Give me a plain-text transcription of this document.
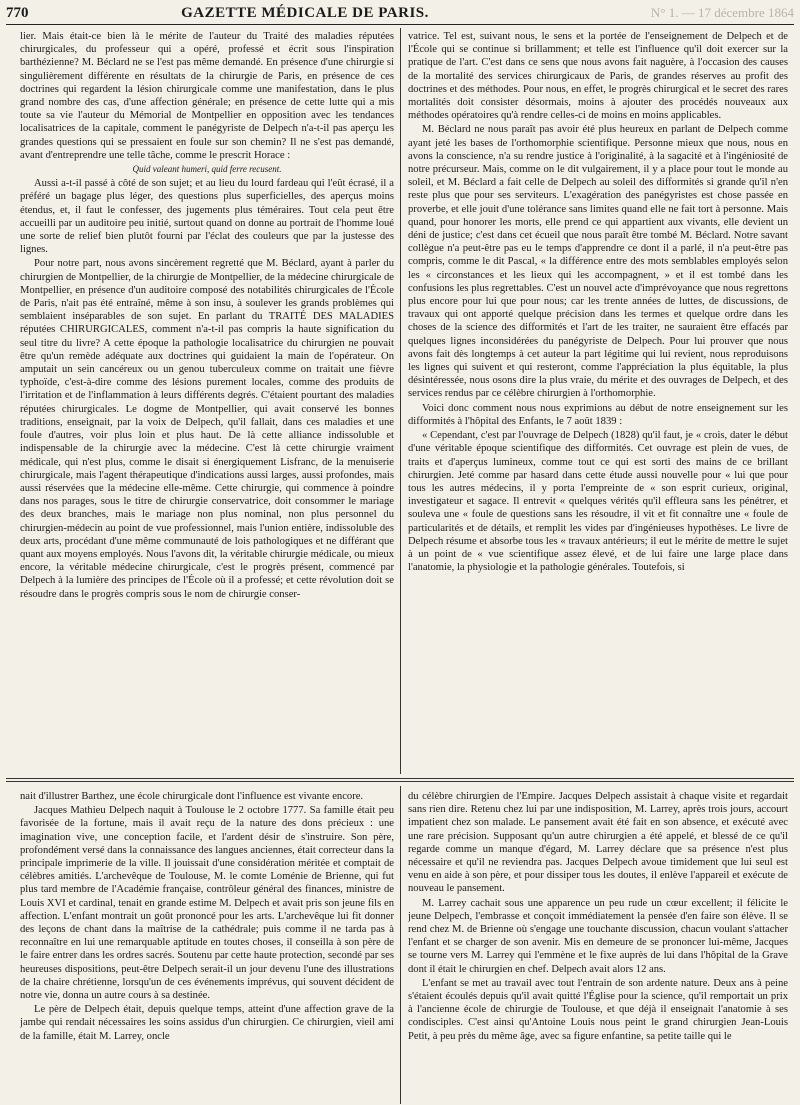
770	GAZETTE MÉDICALE DE PARIS.	N° 1. — 17 décembre 1864

lier. Mais était-ce bien là le mérite de l'auteur du Traité des maladies réputées chirurgicales, du professeur qui a opéré, professé et écrit sous l'inspiration barthézienne? M. Béclard ne se l'est pas même demandé. En présence d'une chirurgie si singulièrement différente en résultats de la chirurgie de Paris, en présence de ces doctrines qui regardent la lésion chirurgicale comme une manifestation, dans le plus grand nombre des cas, d'une affection générale; en présence de cette lutte qui a mis toute sa vie l'auteur du Mémorial de Montpellier en opposition avec les tendances localisatrices de la capitale, comment le panégyriste de Delpech n'a-t-il pas aperçu les grandes questions qui se pressaient en foule sur son chemin? Il ne s'est pas demandé, avant d'entreprendre une telle tâche, comme le prescrit Horace :

Quid valeant humeri, quid ferre recusent.

Aussi a-t-il passé à côté de son sujet; et au lieu du lourd fardeau qui l'eût écrasé, il a préféré un bagage plus léger, des questions plus superficielles, des aperçus moins étendus, et, il faut le confesser, des jugements plus téméraires. Tout cela peut être accueilli par un auditoire peu initié, surtout quand on donne au portrait de l'homme loué une sorte de relief bien plutôt fourni par l'éclat des couleurs que par la justesse des lignes.

Pour notre part, nous avons sincèrement regretté que M. Béclard, ayant à parler du chirurgien de Montpellier, de la chirurgie de Montpellier, de la médecine chirurgicale de Montpellier, en présence d'un auditoire composé des notabilités chirurgicales de l'École de Paris, n'ait pas été entraîné, même à son insu, à soulever les grands problèmes qui semblaient inséparables de son sujet. En parlant du TRAITÉ DES MALADIES réputées CHIRURGICALES, comment n'a-t-il pas compris la haute signification du seul titre du livre? A cette époque la pathologie localisatrice du chirurgien ne pouvait être qu'un remède adéquate aux doctrines qui guidaient la main de l'opérateur. On amputait un sein cancéreux ou un genou tuberculeux comme on traitait une fièvre typhoïde, c'est-à-dire comme des lésions purement locales, comme des produits de l'irritation et de l'inflammation à leurs différents degrés. C'étaient pourtant des maladies réputées chirurgicales. Le dogme de Montpellier, qui avait conservé les bonnes traditions, enseignait, par la voix de Delpech, qu'il fallait, dans ces maladies et une foule d'autres, voir plus loin et plus haut. De là cette alliance indissoluble et indispensable de la chirurgie avec la médecine. C'est là cette chirurgie vraiment médicale, qui n'est plus, comme le disait si énergiquement Lisfranc, de la menuiserie chirurgicale, mais l'agent thérapeutique d'indications aussi larges, aussi profondes, mais aussi réservées que la médecine elle-même. Cette chirurgie, qui commence à poindre dans nos parages, sous le titre de chirurgie conservatrice, doit consommer le mariage des deux branches, mais le mariage non plus nominal, non plus personnel du chirurgien-médecin au point de vue professionnel, mais l'union entière, indissoluble des deux arts, procédant d'une même communauté de lois pathologiques et ne différant que quant aux moyens employés. Nous l'avons dit, la véritable chirurgie médicale, ou mieux encore, la véritable médecine chirurgicale, c'est le progrès présent, commencé par Delpech à la lumière des principes de l'École où il a professé; et cette révolution doit se résoudre dans le progrès compris sous le nom de chirurgie conser-

vatrice. Tel est, suivant nous, le sens et la portée de l'enseignement de Delpech et de l'École qui se continue si brillamment; et telle est l'influence qu'il doit exercer sur la pratique de l'art. C'est dans ce sens que nous avons fait naguère, à l'occasion des causes de la mortalité des services chirurgicaux de Paris, de grandes réserves au profit des doctrines et des méthodes. Pour nous, en effet, le progrès chirurgical et le secret des rares mortalités doit consister désormais, moins à ajouter des procédés nouveaux aux méthodes opératoires qu'à rendre celles-ci de moins en moins applicables.

M. Béclard ne nous paraît pas avoir été plus heureux en parlant de Delpech comme ayant jeté les bases de l'orthomorphie scientifique. Personne mieux que nous, nous en avons la conscience, n'a su rendre justice à l'originalité, à la sagacité et à l'ingéniosité de notre précurseur. Mais, comme on le dit vulgairement, il y a place pour tout le monde au soleil, et M. Béclard a fait celle de Delpech au soleil des difformités si grande qu'il n'en reste plus que pour ses serviteurs. L'exagération des panégyristes est chose passée en proverbe, et elle jouit d'une tolérance sans limites quand elle ne fait tort à personne. Mais quand, pour honorer les morts, elle prend ce qui appartient aux vivants, elle devient un déni de justice; c'est dans cet écueil que nous paraît être tombé M. Béclard. Notre savant collègue n'a peut-être pas eu le temps d'apprendre ce dont il a parlé, il n'a peut-être pas compris, comme le dit Pascal, « la différence entre des mots semblables employés selon les « circonstances et les lieux qui les accompagnent, » et il est tombé dans les confusions les plus regrettables. C'est un nouvel acte d'imprévoyance que nous regrettons plus encore pour lui que pour nous; car les trente années de luttes, de discussions, de travaux qui ont apporté quelque précision dans les termes et quelque ordre dans les choses de la science des difformités et l'art de les traiter, ne sauraient être effacés par quelques lignes inconsidérées du panégyriste de Delpech. Pour lui prouver que nous avons fait dès longtemps à cet auteur la part légitime qui lui revient, nous reproduisons les lignes qui suivent et qui resteront, comme l'appréciation la plus équitable, la plus désintéressée, nous osons dire la plus vraie, du mérite et des ouvrages de Delpech, et des services rendus par ce célèbre chirurgien à l'orthomorphie.

Voici donc comment nous nous exprimions au début de notre enseignement sur les difformités à l'hôpital des Enfants, le 7 août 1839 :

« Cependant, c'est par l'ouvrage de Delpech (1828) qu'il faut, je « crois, dater le début d'une véritable époque scientifique des difformités. Cet ouvrage est plein de vues, de traits et d'aperçus lumineux, comme tout ce qui est sorti des mains de ce brillant chirurgien. Jeté comme par hasard dans cette étude aussi nouvelle pour « lui que pour tous les autres médecins, il y porta l'empreinte de « son esprit curieux, original, investigateur et sagace. Il entrevit « quelques vérités qu'il effleura sans les pénétrer, et souleva une « foule de questions sans les résoudre, il vit et fit connaître une « foule de particularités et de détails, et remplit les vides par d'ingénieuses hypothèses. Le livre de Delpech résume et absorbe tous les « travaux antérieurs; il eut le mérite de mettre le sujet à un point de « vue scientifique assez élevé, et de lui faire une large place dans l'anatomie, la physiologie et la pathologie générales. Toutefois, si

nait d'illustrer Barthez, une école chirurgicale dont l'influence est vivante encore.

Jacques Mathieu Delpech naquit à Toulouse le 2 octobre 1777. Sa famille était peu favorisée de la fortune, mais il avait reçu de la nature des dons précieux : une imagination vive, une conception facile, et l'ardent désir de s'instruire. Son père, profondément versé dans la connaissance des langues anciennes, était correcteur dans la principale imprimerie de la ville. Il jouissait d'une considération méritée et comptait de célèbres amitiés. L'archevêque de Toulouse, M. le comte Loménie de Brienne, qui fut plus tard membre de l'Académie française, contrôleur général des finances, ministre de Louis XVI et cardinal, tenait en grande estime M. Delpech et avait pris son jeune fils en affection. L'enfant montrait un goût prononcé pour les arts. L'archevêque lui fit donner des leçons de chant dans la maîtrise de la cathédrale; puis comme il ne tarda pas à reconnaître en lui une remarquable aptitude en toutes choses, il conseilla à son père de le faire entrer dans les ordres sacrés. Soutenu par cette haute protection, secondé par ses heureuses dispositions, peut-être Delpech serait-il un jour devenu l'une des illustrations de la chaire chrétienne, lorsqu'un de ces événements imprévus, qui souvent décident de notre vie, donna un autre cours à sa destinée.

Le père de Delpech était, depuis quelque temps, atteint d'une affection grave de la jambe qui rendait nécessaires les soins assidus d'un chirurgien. Ce chirurgien, vieil ami de la famille, était M. Larrey, oncle

du célèbre chirurgien de l'Empire. Jacques Delpech assistait à chaque visite et regardait sans rien dire. Retenu chez lui par une indisposition, M. Larrey, après trois jours, accourt impatient chez son malade. Le pansement avait été fait en son absence, et exécuté avec une rare précision. Supposant qu'un autre chirurgien a été appelé, et blessé de ce qu'il regarde comme un manque d'égard, M. Larrey déclare que sa présence n'est plus nécessaire et qu'il ne reviendra pas. Jacques Delpech avoue timidement que lui seul est venu en aide à son père, et pour dissiper tous les doutes, il enlève l'appareil et exécute de nouveau le pansement.

M. Larrey cachait sous une apparence un peu rude un cœur excellent; il félicite le jeune Delpech, l'embrasse et conçoit immédiatement la pensée d'en faire son élève. Il se rend chez M. de Brienne où s'engage une touchante discussion, chacun voulant s'attacher l'enfant et se charger de son avenir. Mis en demeure de se prononcer lui-même, Jacques se tourne vers M. Larrey qui l'emmène et le fixe auprès de lui dans l'hôpital de la Grave dont il était le chirurgien en chef. Delpech avait alors 12 ans.

L'enfant se met au travail avec tout l'entrain de son ardente nature. Deux ans à peine s'étaient écoulés depuis qu'il avait quitté l'Église pour la science, qu'il remportait un prix à l'ancienne école de chirurgie de Toulouse, et que déjà il enseignait l'anatomie à ses condisciples. C'est ainsi qu'Antoine Louis nous peint le grand chirurgien Jean-Louis Petit, à peu près du même âge, avec sa figure enfantine, sa petite taille qui le
